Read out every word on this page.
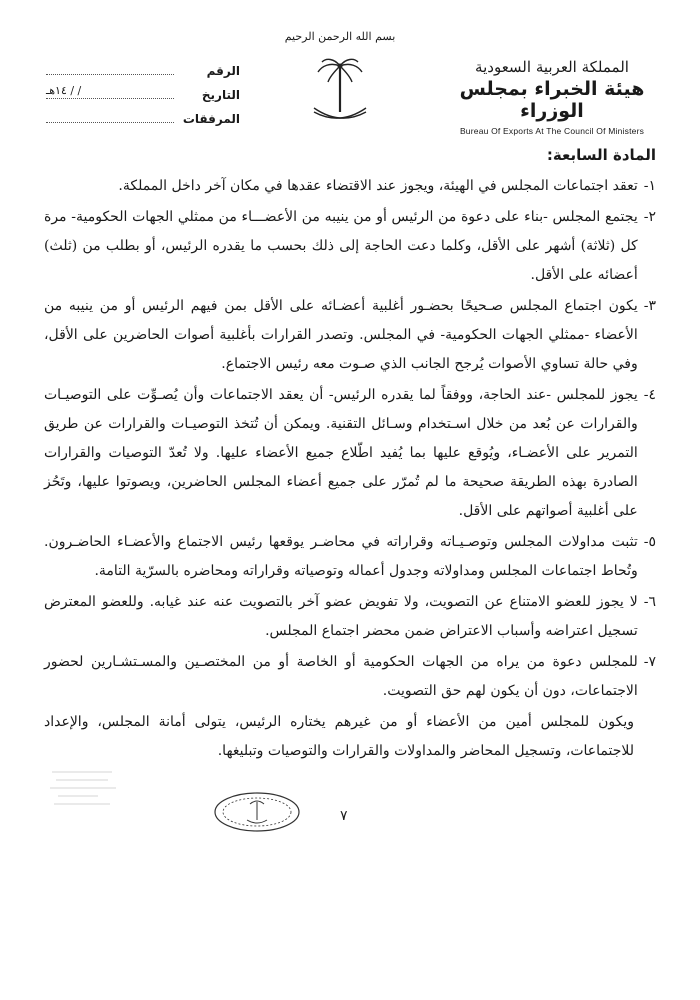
بسم الله الرحمن الرحيم
المملكة العربية السعودية
هيئة الخبراء بمجلس الوزراء
Bureau Of Exports At The Council Of Ministers
الرقم
التاريخ
١٤هـ / /
المرفقات
المادة السابعة:
١-
تعقد اجتماعات المجلس في الهيئة، ويجوز عند الاقتضاء عقدها في مكان آخر داخل المملكة.
٢-
يجتمع المجلس -بناء على دعوة من الرئيس أو من ينيبه من الأعضـــاء من ممثلي الجهات الحكومية- مرة كل (ثلاثة) أشهر على الأقل، وكلما دعت الحاجة إلى ذلك بحسب ما يقدره الرئيس، أو بطلب من (ثلث) أعضائه على الأقل.
٣-
يكون اجتماع المجلس صـحيحًا بحضـور أغلبية أعضـائه على الأقل بمن فيهم الرئيس أو من ينيبه من الأعضاء -ممثلي الجهات الحكومية- في المجلس. وتصدر القرارات بأغلبية أصوات الحاضرين على الأقل، وفي حالة تساوي الأصوات يُرجح الجانب الذي صـوت معه رئيس الاجتماع.
٤-
يجوز للمجلس -عند الحاجة، ووفقاً لما يقدره الرئيس- أن يعقد الاجتماعات وأن يُصـوِّت على التوصيـات والقرارات عن بُعد من خلال اسـتخدام وسـائل التقنية. ويمكن أن تُتخذ التوصيـات والقرارات عن طريق التمرير على الأعضـاء، ويُوقع عليها بما يُفيد اطّلاع جميع الأعضاء عليها. ولا تُعدّ التوصيات والقرارات الصادرة بهذه الطريقة صحيحة ما لم تُمرّر على جميع أعضاء المجلس الحاضرين، ويصوتوا عليها، وتَحُز على أغلبية أصواتهم على الأقل.
٥-
تثبت مداولات المجلس وتوصـيـاته وقراراته في محاضـر يوقعها رئيس الاجتماع والأعضـاء الحاضـرون. وتُحاط اجتماعات المجلس ومداولاته وجدول أعماله وتوصياته وقراراته ومحاضره بالسرّية التامة.
٦-
لا يجوز للعضو الامتناع عن التصويت، ولا تفويض عضو آخر بالتصويت عنه عند غيابه. وللعضو المعترض تسجيل اعتراضه وأسباب الاعتراض ضمن محضر اجتماع المجلس.
٧-
للمجلس دعوة من يراه من الجهات الحكومية أو الخاصة أو من المختصـين والمسـتشـارين لحضور الاجتماعات، دون أن يكون لهم حق التصويت.
ويكون للمجلس أمين من الأعضاء أو من غيرهم يختاره الرئيس، يتولى أمانة المجلس، والإعداد للاجتماعات، وتسجيل المحاضر والمداولات والقرارات والتوصيات وتبليغها.
٧
